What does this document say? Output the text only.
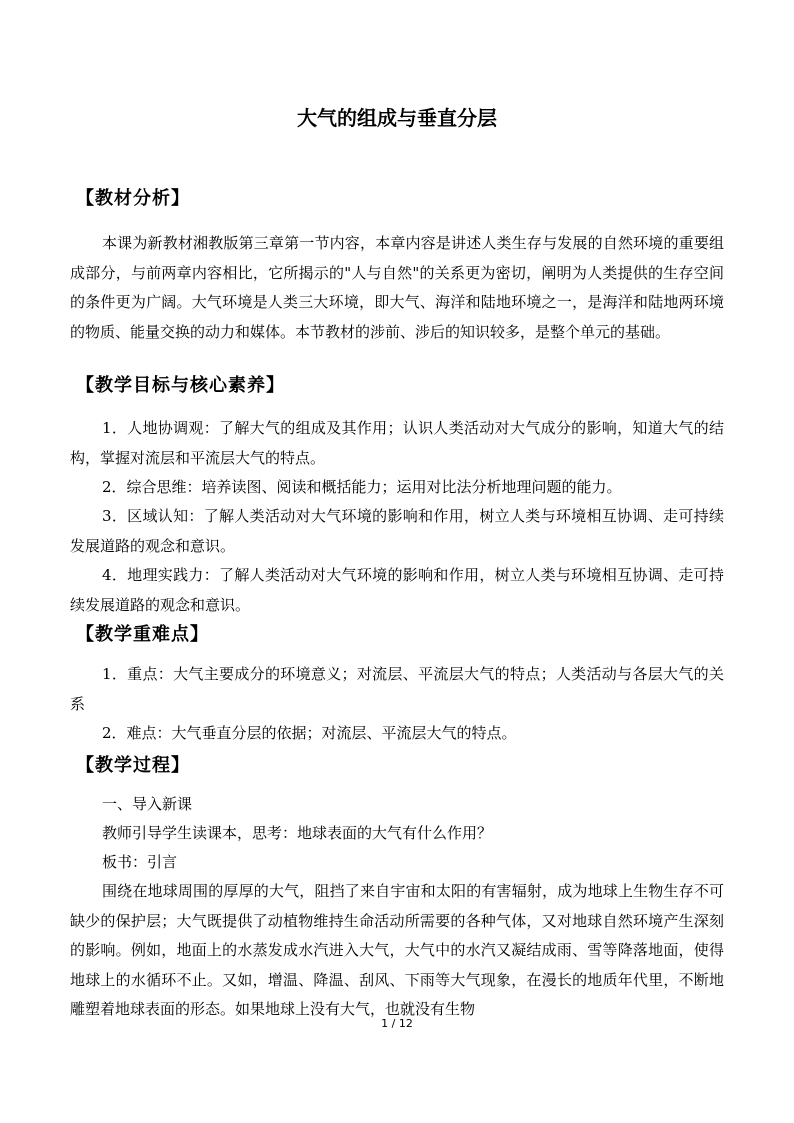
大气的组成与垂直分层
【教材分析】

本课为新教材湘教版第三章第一节内容，本章内容是讲述人类生存与发展的自然环境的重要组成部分，与前两章内容相比，它所揭示的"人与自然"的关系更为密切，阐明为人类提供的生存空间的条件更为广阔。大气环境是人类三大环境，即大气、海洋和陆地环境之一，是海洋和陆地两环境的物质、能量交换的动力和媒体。本节教材的涉前、涉后的知识较多，是整个单元的基础。

【教学目标与核心素养】

1．人地协调观：了解大气的组成及其作用；认识人类活动对大气成分的影响，知道大气的结构，掌握对流层和平流层大气的特点。

2．综合思维：培养读图、阅读和概括能力；运用对比法分析地理问题的能力。

3．区域认知：了解人类活动对大气环境的影响和作用，树立人类与环境相互协调、走可持续发展道路的观念和意识。

4．地理实践力：了解人类活动对大气环境的影响和作用，树立人类与环境相互协调、走可持续发展道路的观念和意识。

【教学重难点】

1．重点：大气主要成分的环境意义；对流层、平流层大气的特点；人类活动与各层大气的关系

2．难点：大气垂直分层的依据；对流层、平流层大气的特点。

【教学过程】

一、导入新课

教师引导学生读课本，思考：地球表面的大气有什么作用？

板书：引言

围绕在地球周围的厚厚的大气，阻挡了来自宇宙和太阳的有害辐射，成为地球上生物生存不可缺少的保护层；大气既提供了动植物维持生命活动所需要的各种气体，又对地球自然环境产生深刻的影响。例如，地面上的水蒸发成水汽进入大气，大气中的水汽又凝结成雨、雪等降落地面，使得地球上的水循环不止。又如，增温、降温、刮风、下雨等大气现象，在漫长的地质年代里，不断地雕塑着地球表面的形态。如果地球上没有大气，也就没有生物

1 / 12
